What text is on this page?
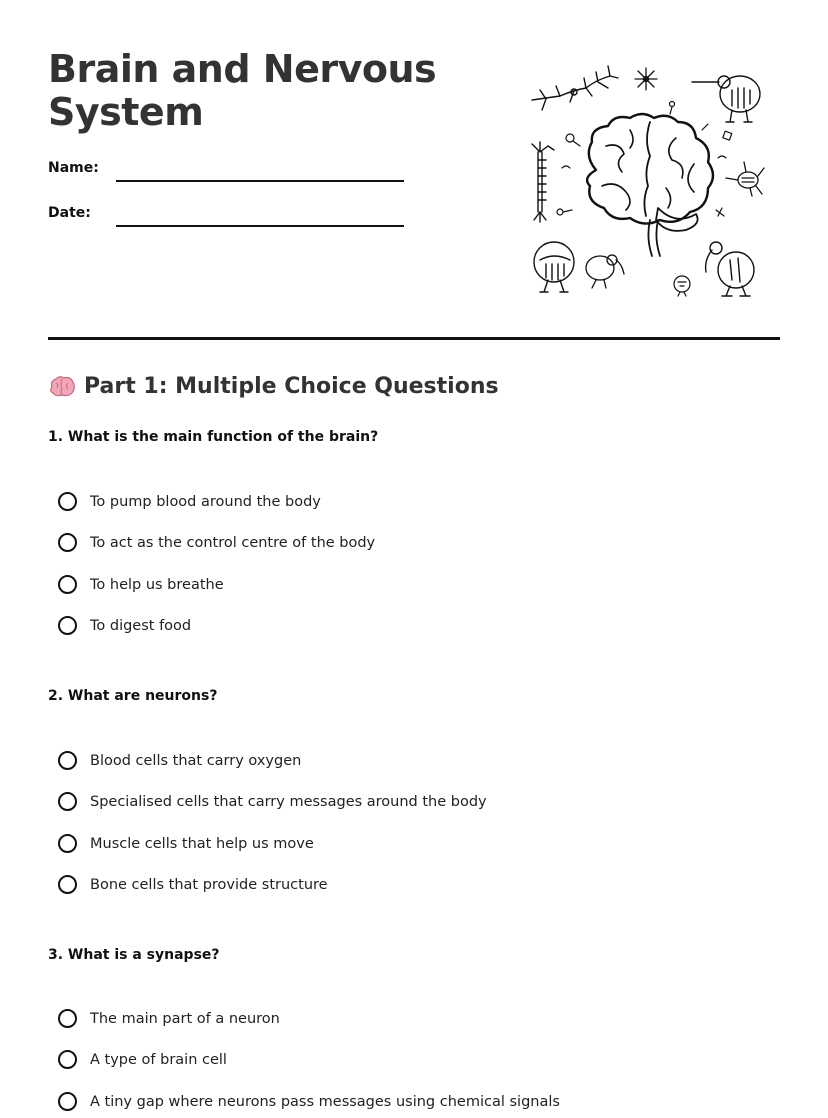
Brain and Nervous System
Name:
Date:
Part 1: Multiple Choice Questions
1. What is the main function of the brain?
To pump blood around the body
To act as the control centre of the body
To help us breathe
To digest food
2. What are neurons?
Blood cells that carry oxygen
Specialised cells that carry messages around the body
Muscle cells that help us move
Bone cells that provide structure
3. What is a synapse?
The main part of a neuron
A type of brain cell
A tiny gap where neurons pass messages using chemical signals
